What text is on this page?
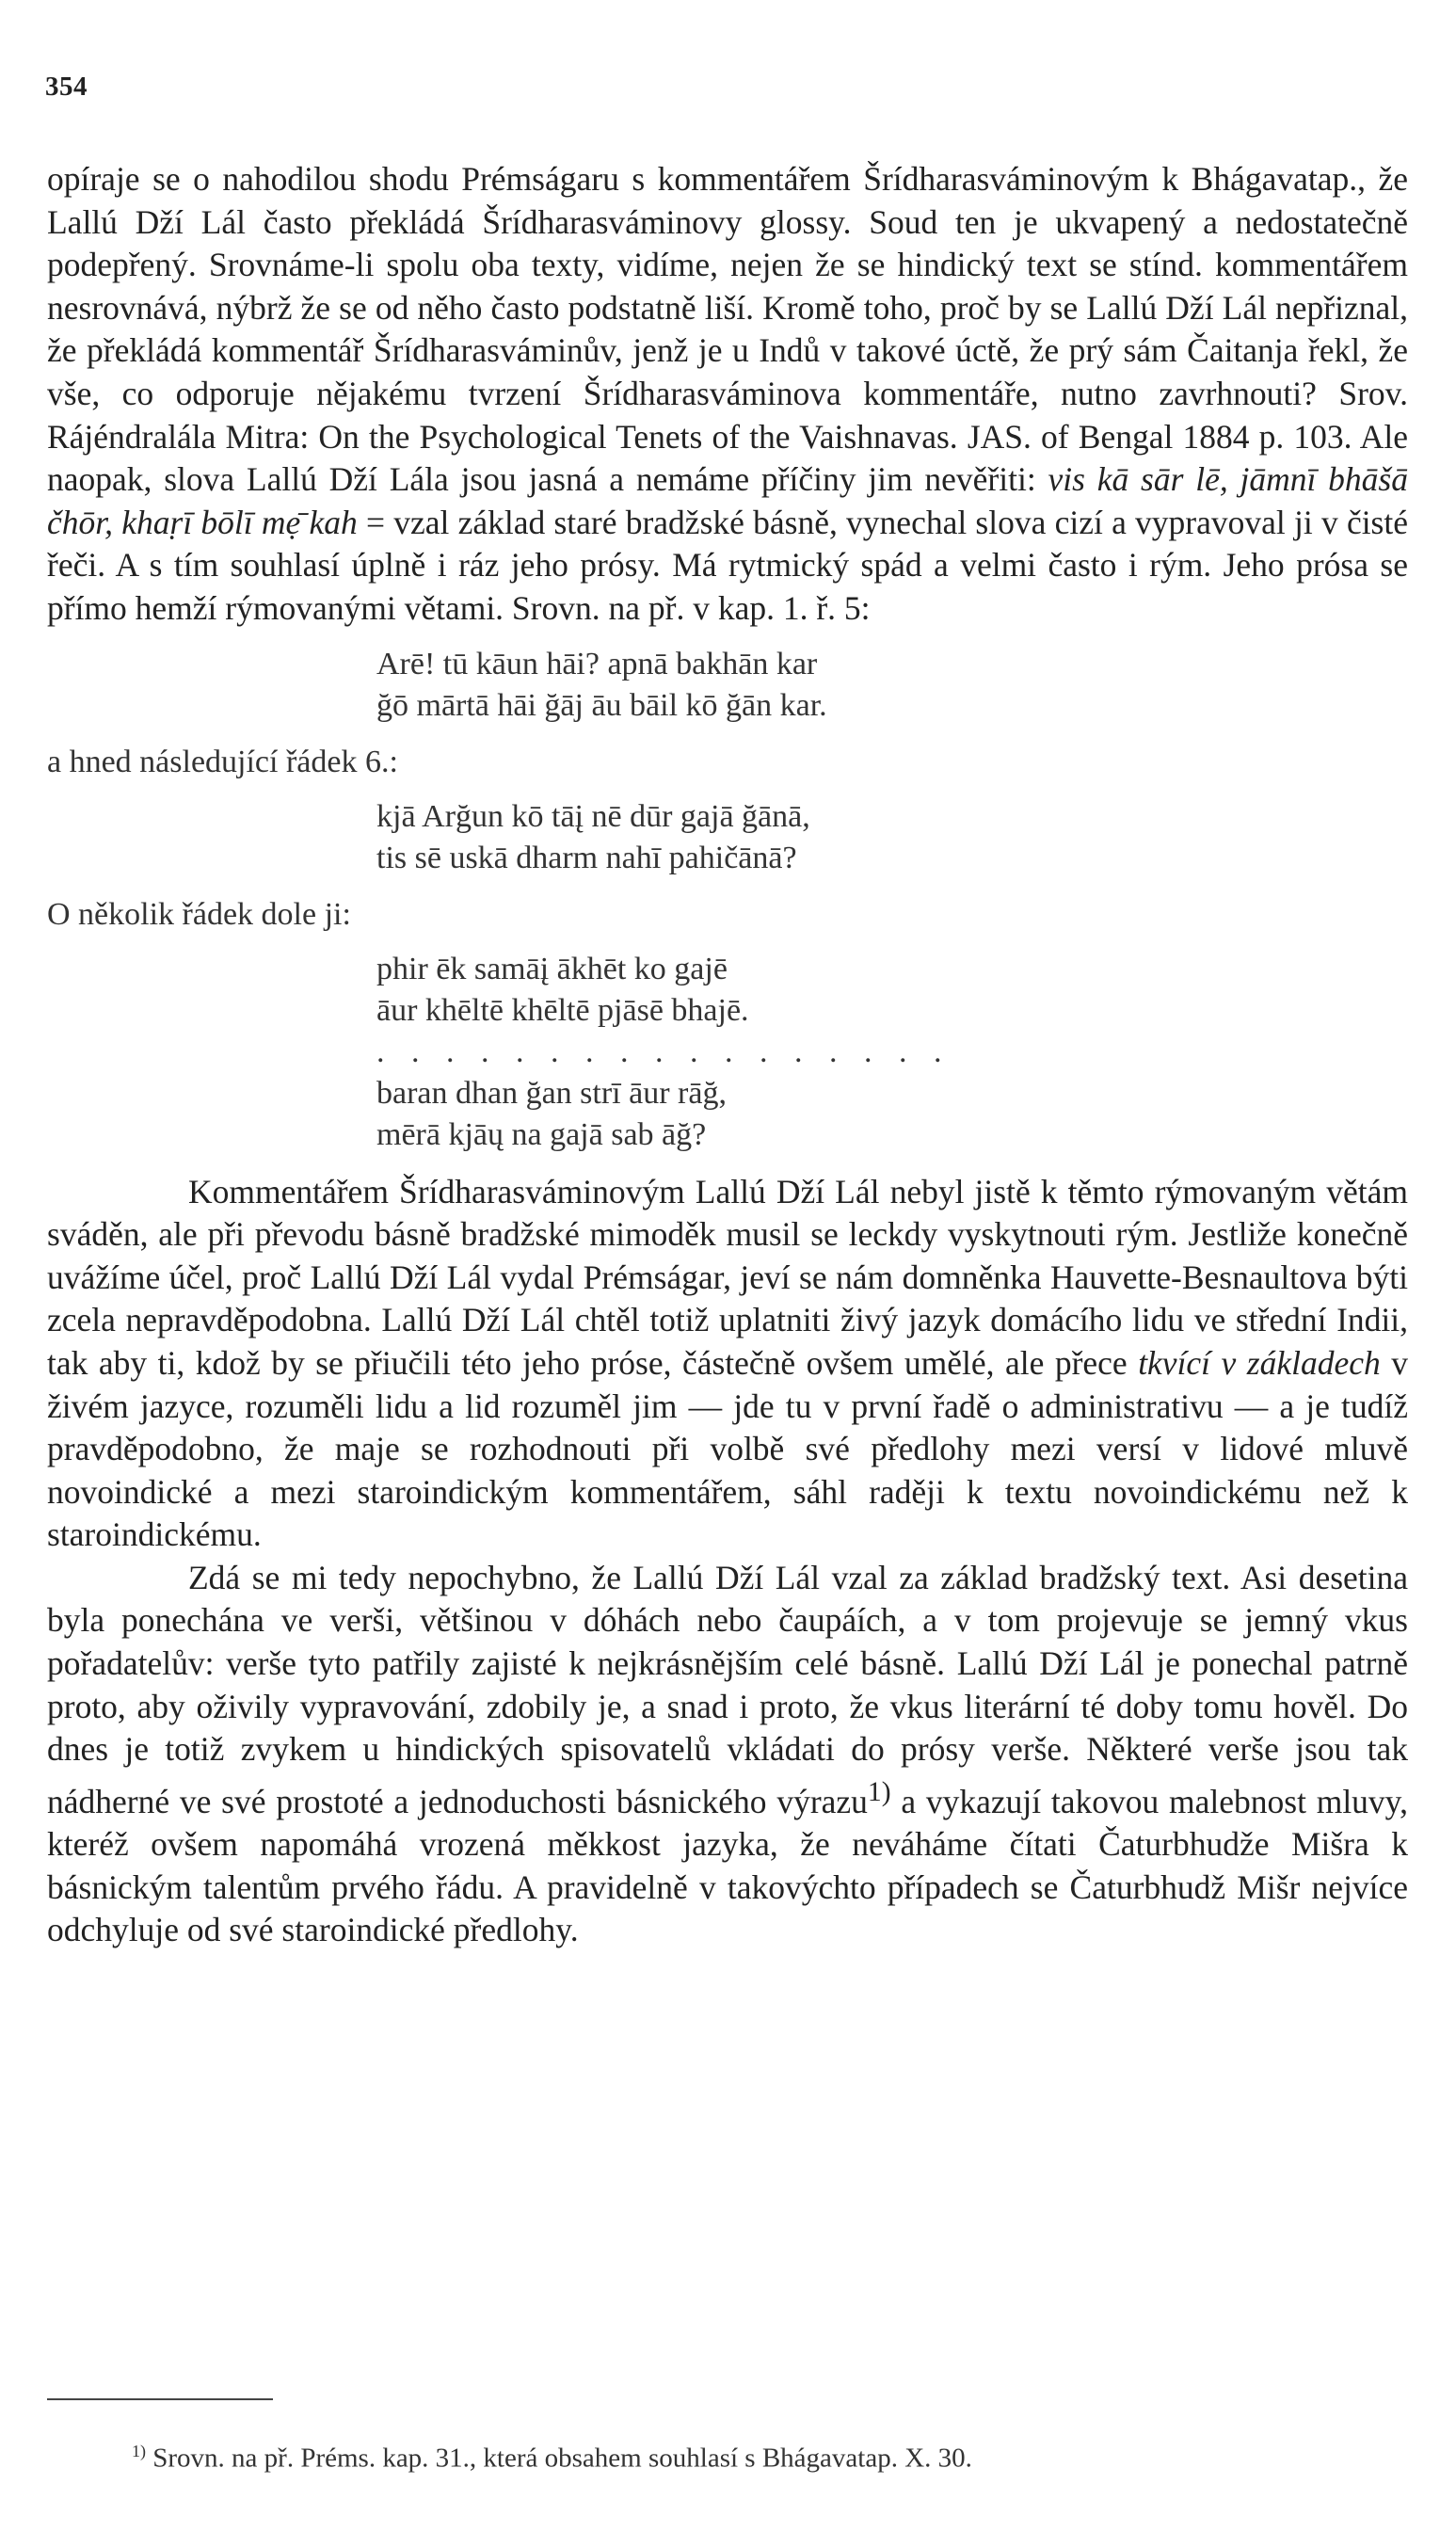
354

opíraje se o nahodilou shodu Prémságaru s kommentářem Šrídharasváminovým k Bhágavatap., že Lallú Dží Lál často překládá Šrídharasváminovy glossy. Soud ten je ukvapený a nedostatečně podepřený. Srovnáme-li spolu oba texty, vidíme, nejen že se hindický text se stínd. kommentářem nesrovnává, nýbrž že se od něho často podstatně liší. Kromě toho, proč by se Lallú Dží Lál nepřiznal, že překládá kommentář Šrídharasváminův, jenž je u Indů v takové úctě, že prý sám Čaitanja řekl, že vše, co odporuje nějakému tvrzení Šrídharasváminova kommentáře, nutno zavrhnouti? Srov. Rájéndralála Mitra: On the Psychological Tenets of the Vaishnavas. JAS. of Bengal 1884 p. 103. Ale naopak, slova Lallú Dží Lála jsou jasná a nemáme příčiny jim nevěřiti: vis kā sār lē, jāmnī bhāšā čhōr, khaṛī bōlī mẹ̄ kah = vzal základ staré bradžské básně, vynechal slova cizí a vypravoval ji v čisté řeči. A s tím souhlasí úplně i ráz jeho prósy. Má rytmický spád a velmi často i rým. Jeho prósa se přímo hemží rýmovanými větami. Srovn. na př. v kap. 1. ř. 5:

Arē! tū kāun hāi? apnā bakhān kar
ğō mārtā hāi ğāj āu bāil kō ğān kar.

a hned následující řádek 6.:

kjā Arğun kō tāį nē dūr gajā ğānā,
tis sē uskā dharm nahī pahičānā?

O několik řádek dole ji:

phir ēk samāį ākhēt ko gajē
āur khēltē khēltē pjāsē bhajē.
. . . . . . . . . . . . . . . . .
baran dhan ğan strī āur rāğ,
mērā kjāų na gajā sab āğ?

Kommentářem Šrídharasváminovým Lallú Dží Lál nebyl jistě k těmto rýmovaným větám sváděn, ale při převodu básně bradžské mimoděk musil se leckdy vyskytnouti rým. Jestliže konečně uvážíme účel, proč Lallú Dží Lál vydal Prémságar, jeví se nám domněnka Hauvette-Besnaultova býti zcela nepravděpodobna. Lallú Dží Lál chtěl totiž uplatniti živý jazyk domácího lidu ve střední Indii, tak aby ti, kdož by se přiučili této jeho prósе, částečně ovšem umělé, ale přece tkvící v základech v živém jazyce, rozuměli lidu a lid rozuměl jim — jde tu v první řadě o administrativu — a je tudíž pravděpodobno, že maje se rozhodnouti při volbě své předlohy mezi versí v lidové mluvě novoindické a mezi staroindickým kommentářem, sáhl raději k textu novoindickému než k staroindickému.

Zdá se mi tedy nepochybno, že Lallú Dží Lál vzal za základ bradžský text. Asi desetina byla ponechána ve verši, většinou v dóhách nebo čaupáích, a v tom projevuje se jemný vkus pořadatelův: verše tyto patřily zajisté k nejkrásnějším celé básně. Lallú Dží Lál je ponechal patrně proto, aby oživily vypravování, zdobily je, a snad i proto, že vkus literární té doby tomu hověl. Do dnes je totiž zvykem u hindických spisovatelů vkládati do prósy verše. Některé verše jsou tak nádherné ve své prostoté a jednoduchosti básnického výrazu$^{1)}$ a vykazují takovou malebnost mluvy, kteréž ovšem napomáhá vrozená měkkost jazyka, že neváháme čítati Čaturbhudže Mišra k básnickým talentům prvého řádu. A pravidelně v takovýchto případech se Čaturbhudž Mišr nejvíce odchyluje od své staroindické předlohy.

$^{1)}$ Srovn. na př. Préms. kap. 31., která obsahem souhlasí s Bhágavatap. X. 30.
